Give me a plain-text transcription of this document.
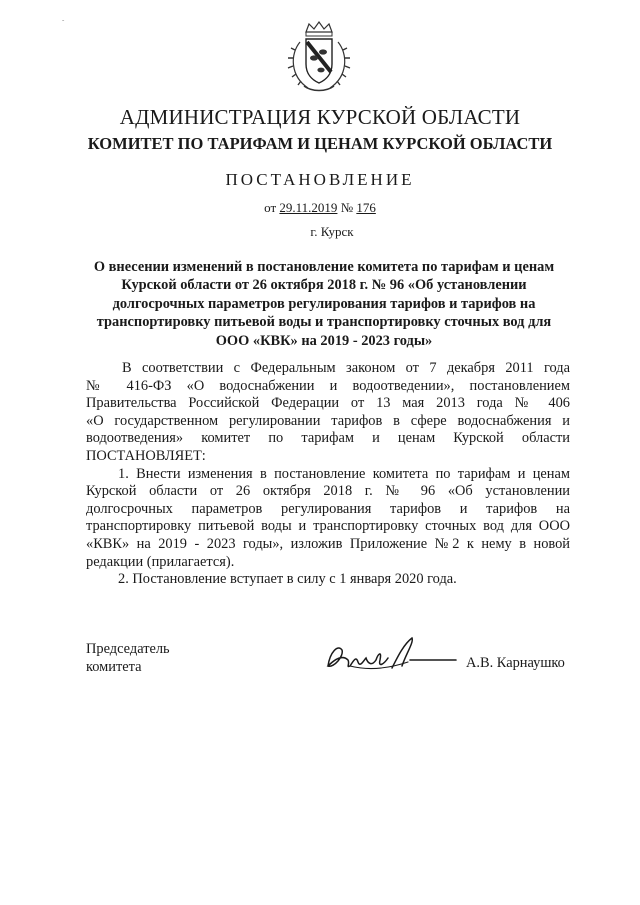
-
АДМИНИСТРАЦИЯ КУРСКОЙ ОБЛАСТИ
КОМИТЕТ ПО ТАРИФАМ И ЦЕНАМ КУРСКОЙ ОБЛАСТИ
ПОСТАНОВЛЕНИЕ
от 29.11.2019 № 176
г. Курск
О внесении изменений в постановление комитета по тарифам и ценам
Курской области от 26 октября 2018 г. № 96 «Об установлении
долгосрочных параметров регулирования тарифов и тарифов на
транспортировку питьевой воды и транспортировку сточных вод для
ООО «КВК» на 2019 - 2023 годы»
В соответствии с Федеральным законом от 7 декабря 2011 года
№ 416-ФЗ «О водоснабжении и водоотведении», постановлением
Правительства Российской Федерации от 13 мая 2013 года № 406
«О государственном регулировании тарифов в сфере водоснабжения и
водоотведения» комитет по тарифам и ценам Курской области
ПОСТАНОВЛЯЕТ:
1. Внести изменения в постановление комитета по тарифам и ценам
Курской области от 26 октября 2018 г. № 96 «Об установлении
долгосрочных параметров регулирования тарифов и тарифов на
транспортировку питьевой воды и транспортировку сточных вод для ООО
«КВК» на 2019 - 2023 годы», изложив Приложение №2 к нему в новой
редакции (прилагается).
2. Постановление вступает в силу с 1 января 2020 года.
Председатель
комитета	А.В. Карнаушко
